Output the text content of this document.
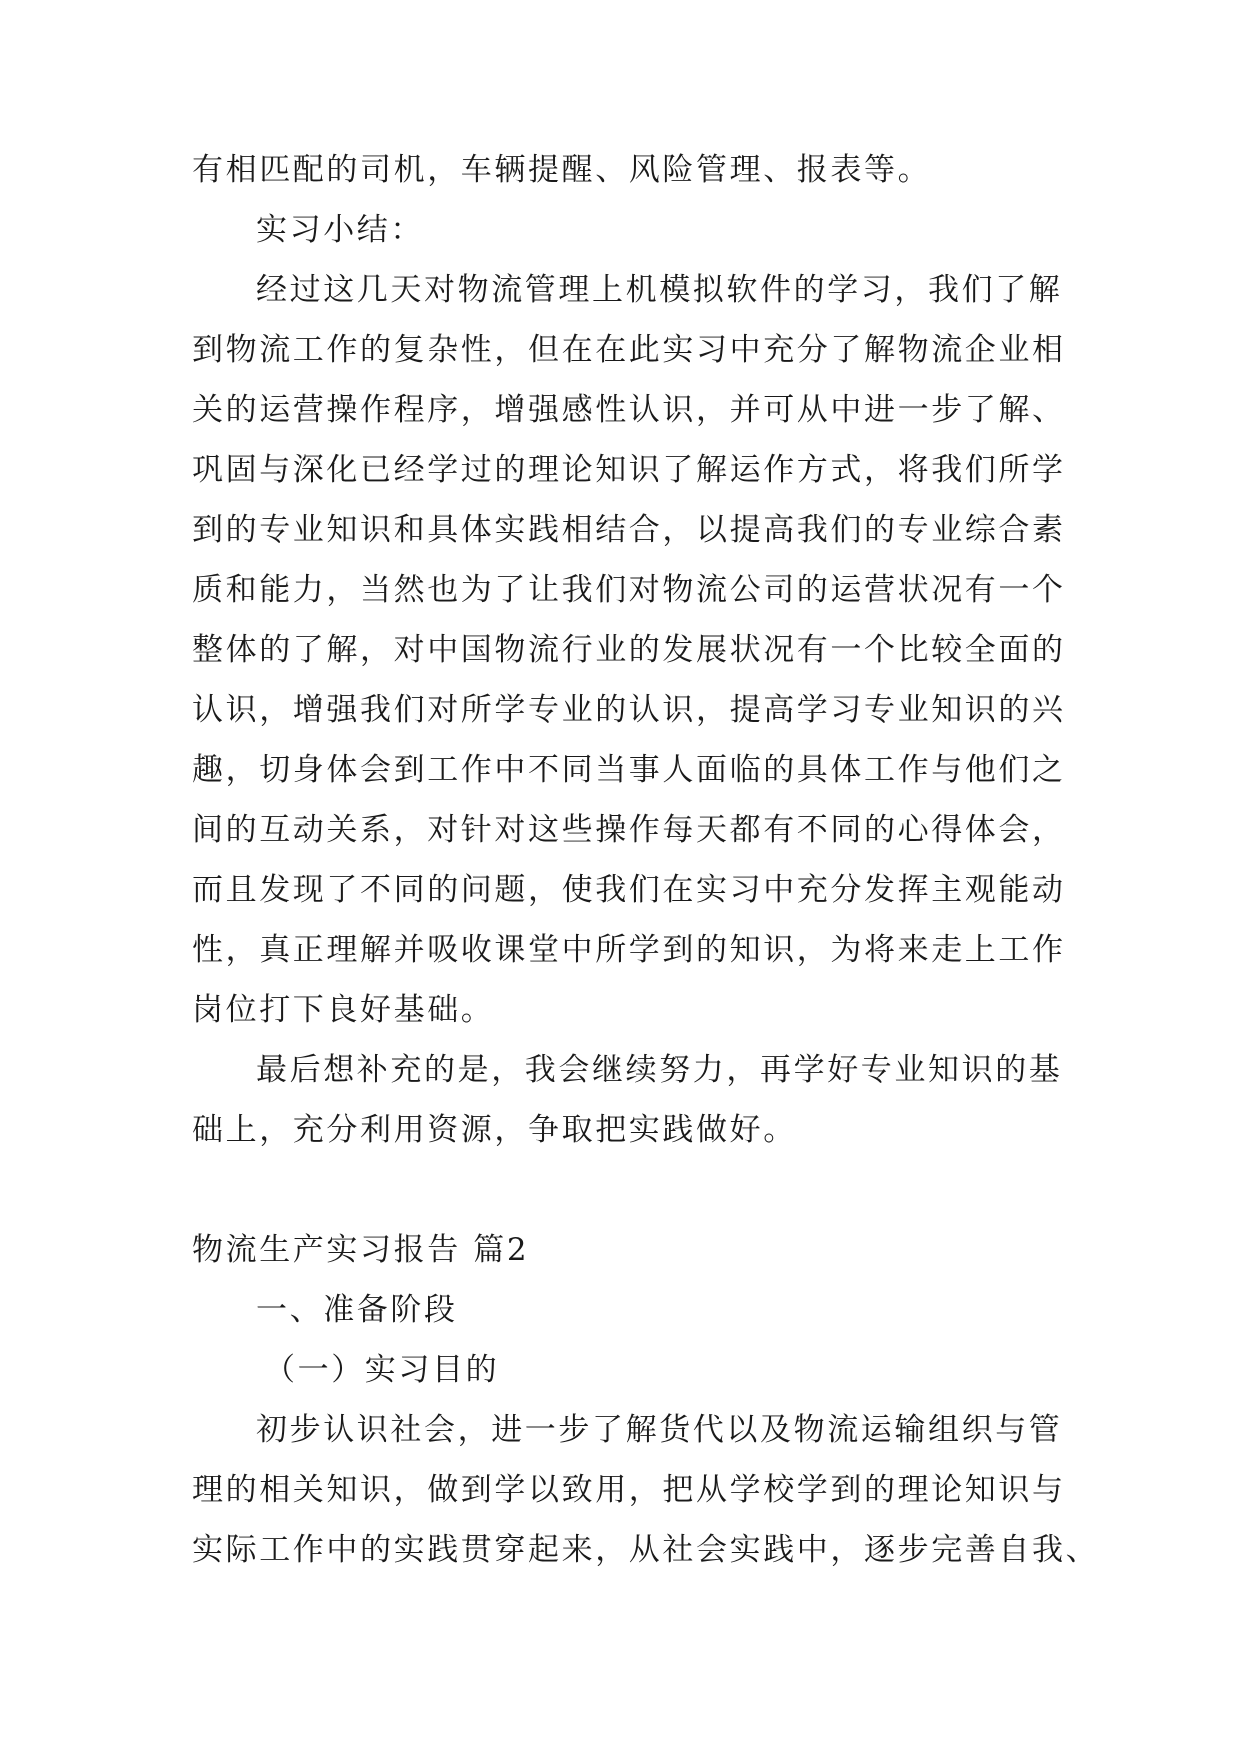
有相匹配的司机，车辆提醒、风险管理、报表等。

实习小结：

经过这几天对物流管理上机模拟软件的学习，我们了解

到物流工作的复杂性，但在在此实习中充分了解物流企业相

关的运营操作程序，增强感性认识，并可从中进一步了解、

巩固与深化已经学过的理论知识了解运作方式，将我们所学

到的专业知识和具体实践相结合，以提高我们的专业综合素

质和能力，当然也为了让我们对物流公司的运营状况有一个

整体的了解，对中国物流行业的发展状况有一个比较全面的

认识，增强我们对所学专业的认识，提高学习专业知识的兴

趣，切身体会到工作中不同当事人面临的具体工作与他们之

间的互动关系，对针对这些操作每天都有不同的心得体会，

而且发现了不同的问题，使我们在实习中充分发挥主观能动

性，真正理解并吸收课堂中所学到的知识，为将来走上工作

岗位打下良好基础。

最后想补充的是，我会继续努力，再学好专业知识的基

础上，充分利用资源，争取把实践做好。

物流生产实习报告 篇2

一、准备阶段

（一）实习目的

初步认识社会，进一步了解货代以及物流运输组织与管

理的相关知识，做到学以致用，把从学校学到的理论知识与

实际工作中的实践贯穿起来，从社会实践中，逐步完善自我、
